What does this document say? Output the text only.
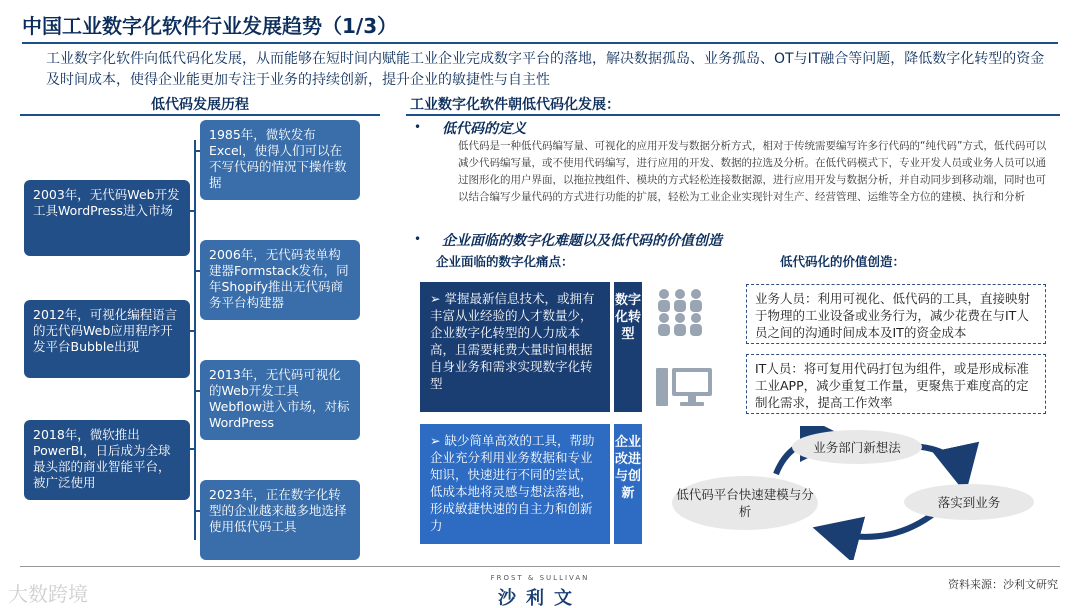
中国工业数字化软件行业发展趋势（1/3）
工业数字化软件向低代码化发展，从而能够在短时间内赋能工业企业完成数字平台的落地，解决数据孤岛、业务孤岛、OT与IT融合等问题，降低数字化转型的资金及时间成本，使得企业能更加专注于业务的持续创新，提升企业的敏捷性与自主性
低代码发展历程
1985年，微软发布Excel，使得人们可以在不写代码的情况下操作数据
2003年，无代码Web开发工具WordPress进入市场
2006年，无代码表单构建器Formstack发布，同年Shopify推出无代码商务平台构建器
2012年，可视化编程语言的无代码Web应用程序开发平台Bubble出现
2013年，无代码可视化的Web开发工具Webflow进入市场，对标WordPress
2018年，微软推出PowerBI，日后成为全球最头部的商业智能平台，被广泛使用
2023年，正在数字化转型的企业越来越多地选择使用低代码工具
工业数字化软件朝低代码化发展：
• 低代码的定义
低代码是一种低代码编写量、可视化的应用开发与数据分析方式，相对于传统需要编写许多行代码的“纯代码”方式，低代码可以减少代码编写量，或不使用代码编写，进行应用的开发、数据的拉选及分析。在低代码模式下，专业开发人员或业务人员可以通过图形化的用户界面，以拖拉拽组件、模块的方式轻松连接数据源，进行应用开发与数据分析，并自动同步到移动端，同时也可以结合编写少量代码的方式进行功能的扩展，轻松为工业企业实现针对生产、经营管理、运维等全方位的建模、执行和分析
• 企业面临的数字化难题以及低代码的价值创造
企业面临的数字化痛点：	低代码化的价值创造：
➢ 掌握最新信息技术，或拥有丰富从业经验的人才数量少，企业数字化转型的人力成本高，且需要耗费大量时间根据自身业务和需求实现数字化转型
数字化转型
➢ 缺少简单高效的工具，帮助企业充分利用业务数据和专业知识，快速进行不同的尝试，低成本地将灵感与想法落地，形成敏捷快速的自主力和创新力
企业改进与创新
业务人员：利用可视化、低代码的工具，直接映射于物理的工业设备或业务行为，减少花费在与IT人员之间的沟通时间成本及IT的资金成本
IT人员：将可复用代码打包为组件，或是形成标准工业APP，减少重复工作量，更聚焦于难度高的定制化需求，提高工作效率
业务部门新想法
低代码平台快速建模与分析
落实到业务
大数跨境
FROST & SULLIVAN
沙利文
资料来源：沙利文研究
